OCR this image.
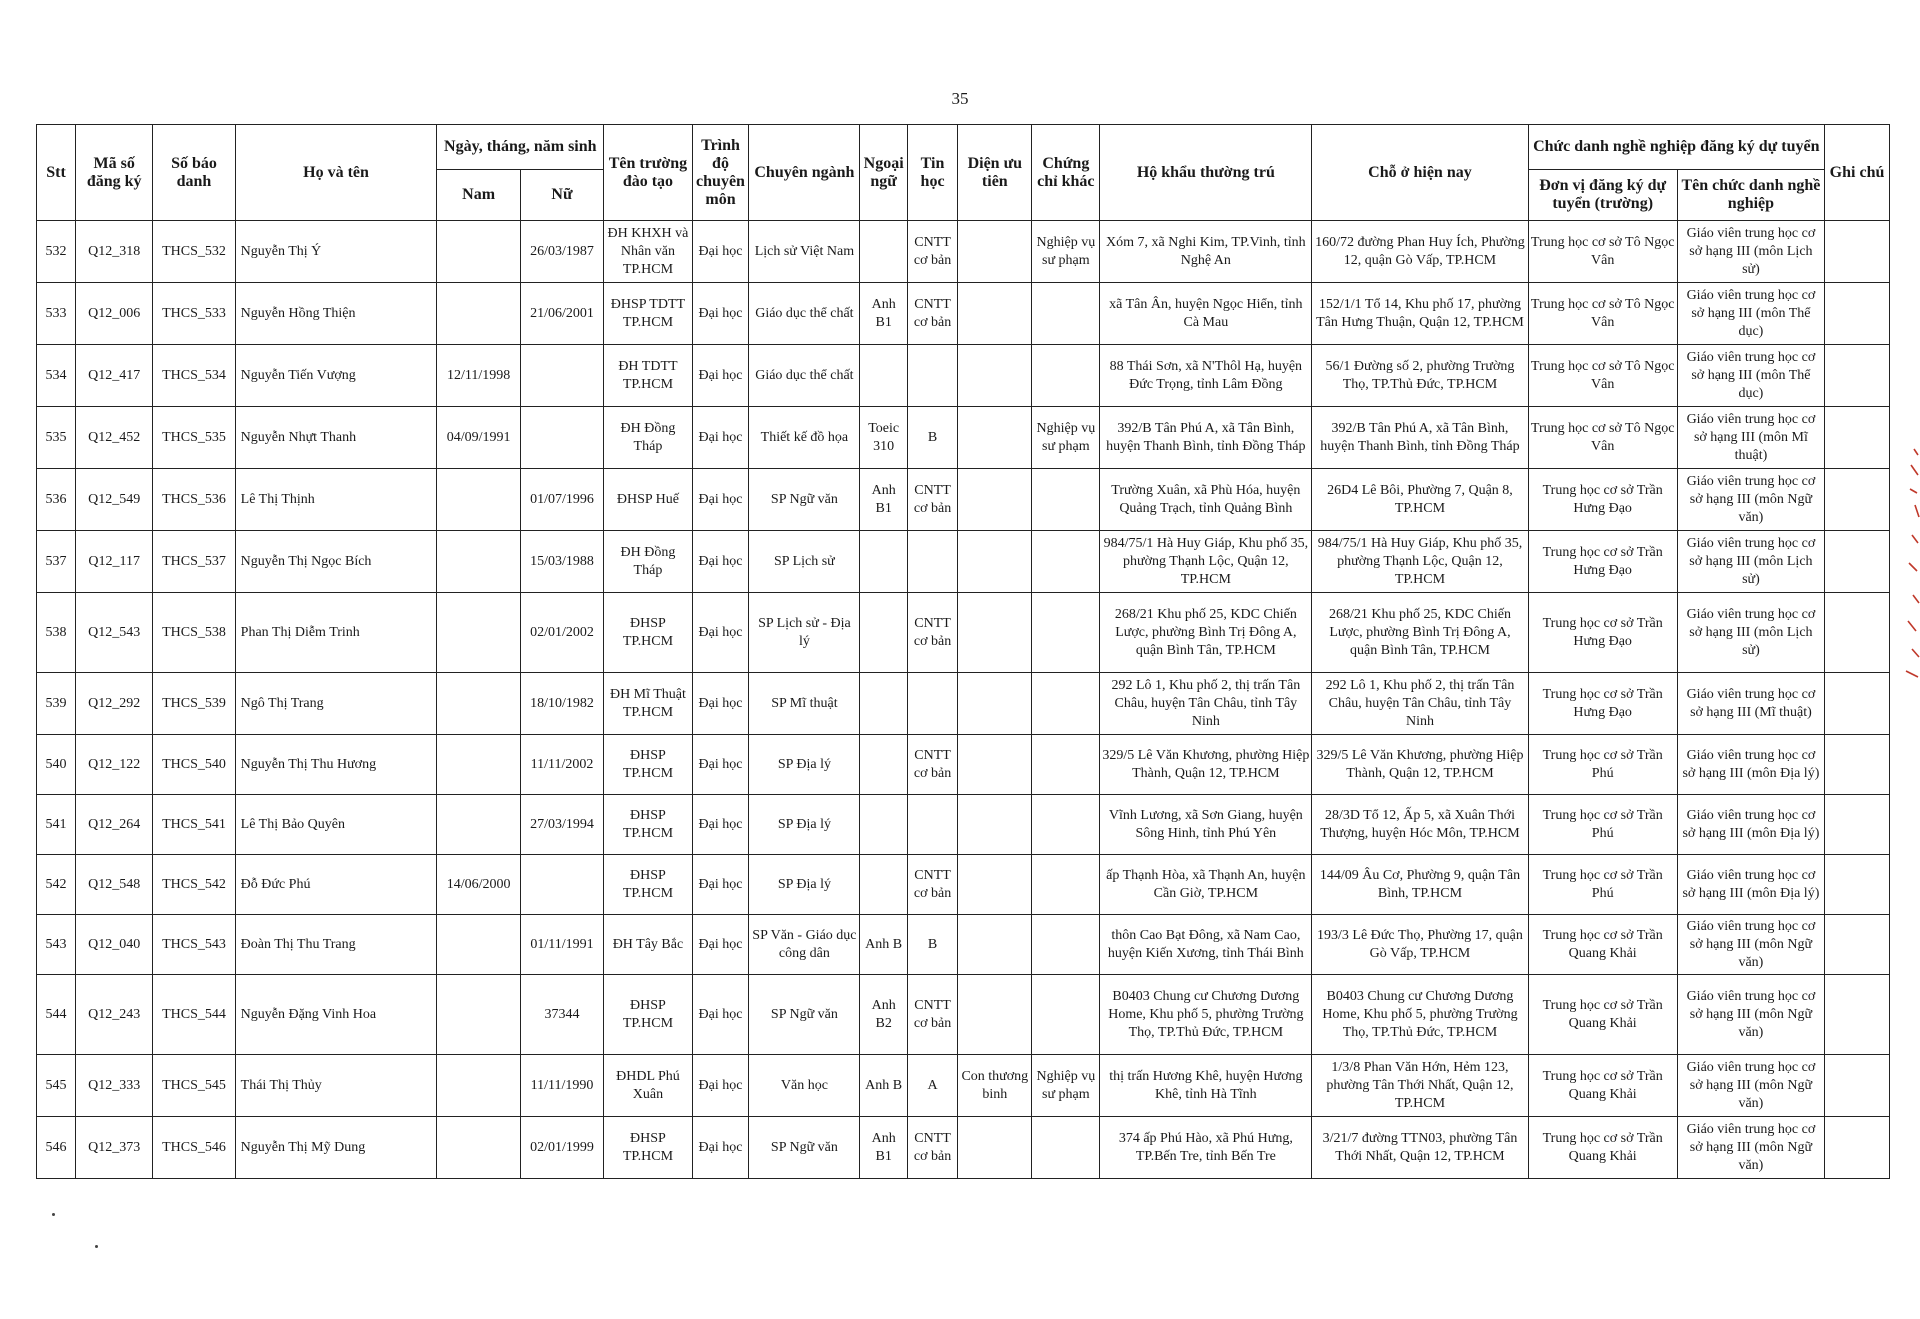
35
Stt	Mã số đăng ký	Số báo danh	Họ và tên	Ngày, tháng, năm sinh		Tên trường đào tạo	Trình độ chuyên môn	Chuyên ngành	Ngoại ngữ	Tin học	Diện ưu tiên	Chứng chỉ khác	Hộ khẩu thường trú	Chỗ ở hiện nay	Chức danh nghề nghiệp đăng ký dự tuyển		Ghi chú
				Nam	Nữ										Đơn vị đăng ký dự tuyển (trường)	Tên chức danh nghề nghiệp	
532	Q12_318	THCS_532	Nguyễn Thị Ý		26/03/1987	ĐH KHXH và Nhân văn TP.HCM	Đại học	Lịch sử Việt Nam		CNTT cơ bản		Nghiệp vụ sư phạm	Xóm 7, xã Nghi Kim, TP.Vinh, tỉnh Nghệ An	160/72 đường Phan Huy Ích, Phường 12, quận Gò Vấp, TP.HCM	Trung học cơ sở Tô Ngọc Vân	Giáo viên trung học cơ sở hạng III (môn Lịch sử)	
533	Q12_006	THCS_533	Nguyễn Hồng Thiện		21/06/2001	ĐHSP TDTT TP.HCM	Đại học	Giáo dục thể chất	Anh B1	CNTT cơ bản			xã Tân Ân, huyện Ngọc Hiển, tỉnh Cà Mau	152/1/1 Tổ 14, Khu phố 17, phường Tân Hưng Thuận, Quận 12, TP.HCM	Trung học cơ sở Tô Ngọc Vân	Giáo viên trung học cơ sở hạng III (môn Thể dục)	
534	Q12_417	THCS_534	Nguyễn Tiến Vượng	12/11/1998		ĐH TDTT TP.HCM	Đại học	Giáo dục thể chất					88 Thái Sơn, xã N'Thôl Hạ, huyện Đức Trọng, tỉnh Lâm Đồng	56/1 Đường số 2, phường Trường Thọ, TP.Thủ Đức, TP.HCM	Trung học cơ sở Tô Ngọc Vân	Giáo viên trung học cơ sở hạng III (môn Thể dục)	
535	Q12_452	THCS_535	Nguyễn Nhựt Thanh	04/09/1991		ĐH Đồng Tháp	Đại học	Thiết kế đồ họa	Toeic 310	B		Nghiệp vụ sư phạm	392/B Tân Phú A, xã Tân Bình, huyện Thanh Bình, tỉnh Đồng Tháp	392/B Tân Phú A, xã Tân Bình, huyện Thanh Bình, tỉnh Đồng Tháp	Trung học cơ sở Tô Ngọc Vân	Giáo viên trung học cơ sở hạng III (môn Mĩ thuật)	
536	Q12_549	THCS_536	Lê Thị Thịnh		01/07/1996	ĐHSP Huế	Đại học	SP Ngữ văn	Anh B1	CNTT cơ bản			Trường Xuân, xã Phù Hóa, huyện Quảng Trạch, tỉnh Quảng Bình	26D4 Lê Bôi, Phường 7, Quận 8, TP.HCM	Trung học cơ sở Trần Hưng Đạo	Giáo viên trung học cơ sở hạng III (môn Ngữ văn)	
537	Q12_117	THCS_537	Nguyễn Thị Ngọc Bích		15/03/1988	ĐH Đồng Tháp	Đại học	SP Lịch sử					984/75/1 Hà Huy Giáp, Khu phố 35, phường Thạnh Lộc, Quận 12, TP.HCM	984/75/1 Hà Huy Giáp, Khu phố 35, phường Thạnh Lộc, Quận 12, TP.HCM	Trung học cơ sở Trần Hưng Đạo	Giáo viên trung học cơ sở hạng III (môn Lịch sử)	
538	Q12_543	THCS_538	Phan Thị Diễm Trinh		02/01/2002	ĐHSP TP.HCM	Đại học	SP Lịch sử - Địa lý		CNTT cơ bản			268/21 Khu phố 25, KDC Chiến Lược, phường Bình Trị Đông A, quận Bình Tân, TP.HCM	268/21 Khu phố 25, KDC Chiến Lược, phường Bình Trị Đông A, quận Bình Tân, TP.HCM	Trung học cơ sở Trần Hưng Đạo	Giáo viên trung học cơ sở hạng III (môn Lịch sử)	
539	Q12_292	THCS_539	Ngô Thị Trang		18/10/1982	ĐH Mĩ Thuật TP.HCM	Đại học	SP Mĩ thuật					292 Lô 1, Khu phố 2, thị trấn Tân Châu, huyện Tân Châu, tỉnh Tây Ninh	292 Lô 1, Khu phố 2, thị trấn Tân Châu, huyện Tân Châu, tỉnh Tây Ninh	Trung học cơ sở Trần Hưng Đạo	Giáo viên trung học cơ sở hạng III (Mĩ thuật)	
540	Q12_122	THCS_540	Nguyễn Thị Thu Hương		11/11/2002	ĐHSP TP.HCM	Đại học	SP Địa lý		CNTT cơ bản			329/5 Lê Văn Khương, phường Hiệp Thành, Quận 12, TP.HCM	329/5 Lê Văn Khương, phường Hiệp Thành, Quận 12, TP.HCM	Trung học cơ sở Trần Phú	Giáo viên trung học cơ sở hạng III (môn Địa lý)	
541	Q12_264	THCS_541	Lê Thị Bảo Quyên		27/03/1994	ĐHSP TP.HCM	Đại học	SP Địa lý					Vĩnh Lương, xã Sơn Giang, huyện Sông Hinh, tỉnh Phú Yên	28/3D Tổ 12, Ấp 5, xã Xuân Thới Thượng, huyện Hóc Môn, TP.HCM	Trung học cơ sở Trần Phú	Giáo viên trung học cơ sở hạng III (môn Địa lý)	
542	Q12_548	THCS_542	Đỗ Đức Phú	14/06/2000		ĐHSP TP.HCM	Đại học	SP Địa lý		CNTT cơ bản			ấp Thạnh Hòa, xã Thạnh An, huyện Cần Giờ, TP.HCM	144/09 Âu Cơ, Phường 9, quận Tân Bình, TP.HCM	Trung học cơ sở Trần Phú	Giáo viên trung học cơ sở hạng III (môn Địa lý)	
543	Q12_040	THCS_543	Đoàn Thị Thu Trang		01/11/1991	ĐH Tây Bắc	Đại học	SP Văn - Giáo dục công dân	Anh B	B			thôn Cao Bạt Đông, xã Nam Cao, huyện Kiến Xương, tỉnh Thái Bình	193/3 Lê Đức Thọ, Phường 17, quận Gò Vấp, TP.HCM	Trung học cơ sở Trần Quang Khải	Giáo viên trung học cơ sở hạng III (môn Ngữ văn)	
544	Q12_243	THCS_544	Nguyễn Đặng Vinh Hoa		37344	ĐHSP TP.HCM	Đại học	SP Ngữ văn	Anh B2	CNTT cơ bản			B0403 Chung cư Chương Dương Home, Khu phố 5, phường Trường Thọ, TP.Thủ Đức, TP.HCM	B0403 Chung cư Chương Dương Home, Khu phố 5, phường Trường Thọ, TP.Thủ Đức, TP.HCM	Trung học cơ sở Trần Quang Khải	Giáo viên trung học cơ sở hạng III (môn Ngữ văn)	
545	Q12_333	THCS_545	Thái Thị Thủy		11/11/1990	ĐHDL Phú Xuân	Đại học	Văn học	Anh B	A	Con thương binh	Nghiệp vụ sư phạm	thị trấn Hương Khê, huyện Hương Khê, tỉnh Hà Tĩnh	1/3/8 Phan Văn Hớn, Hẻm 123, phường Tân Thới Nhất, Quận 12, TP.HCM	Trung học cơ sở Trần Quang Khải	Giáo viên trung học cơ sở hạng III (môn Ngữ văn)	
546	Q12_373	THCS_546	Nguyễn Thị Mỹ Dung		02/01/1999	ĐHSP TP.HCM	Đại học	SP Ngữ văn	Anh B1	CNTT cơ bản			374 ấp Phú Hào, xã Phú Hưng, TP.Bến Tre, tỉnh Bến Tre	3/21/7 đường TTN03, phường Tân Thới Nhất, Quận 12, TP.HCM	Trung học cơ sở Trần Quang Khải	Giáo viên trung học cơ sở hạng III (môn Ngữ văn)	
